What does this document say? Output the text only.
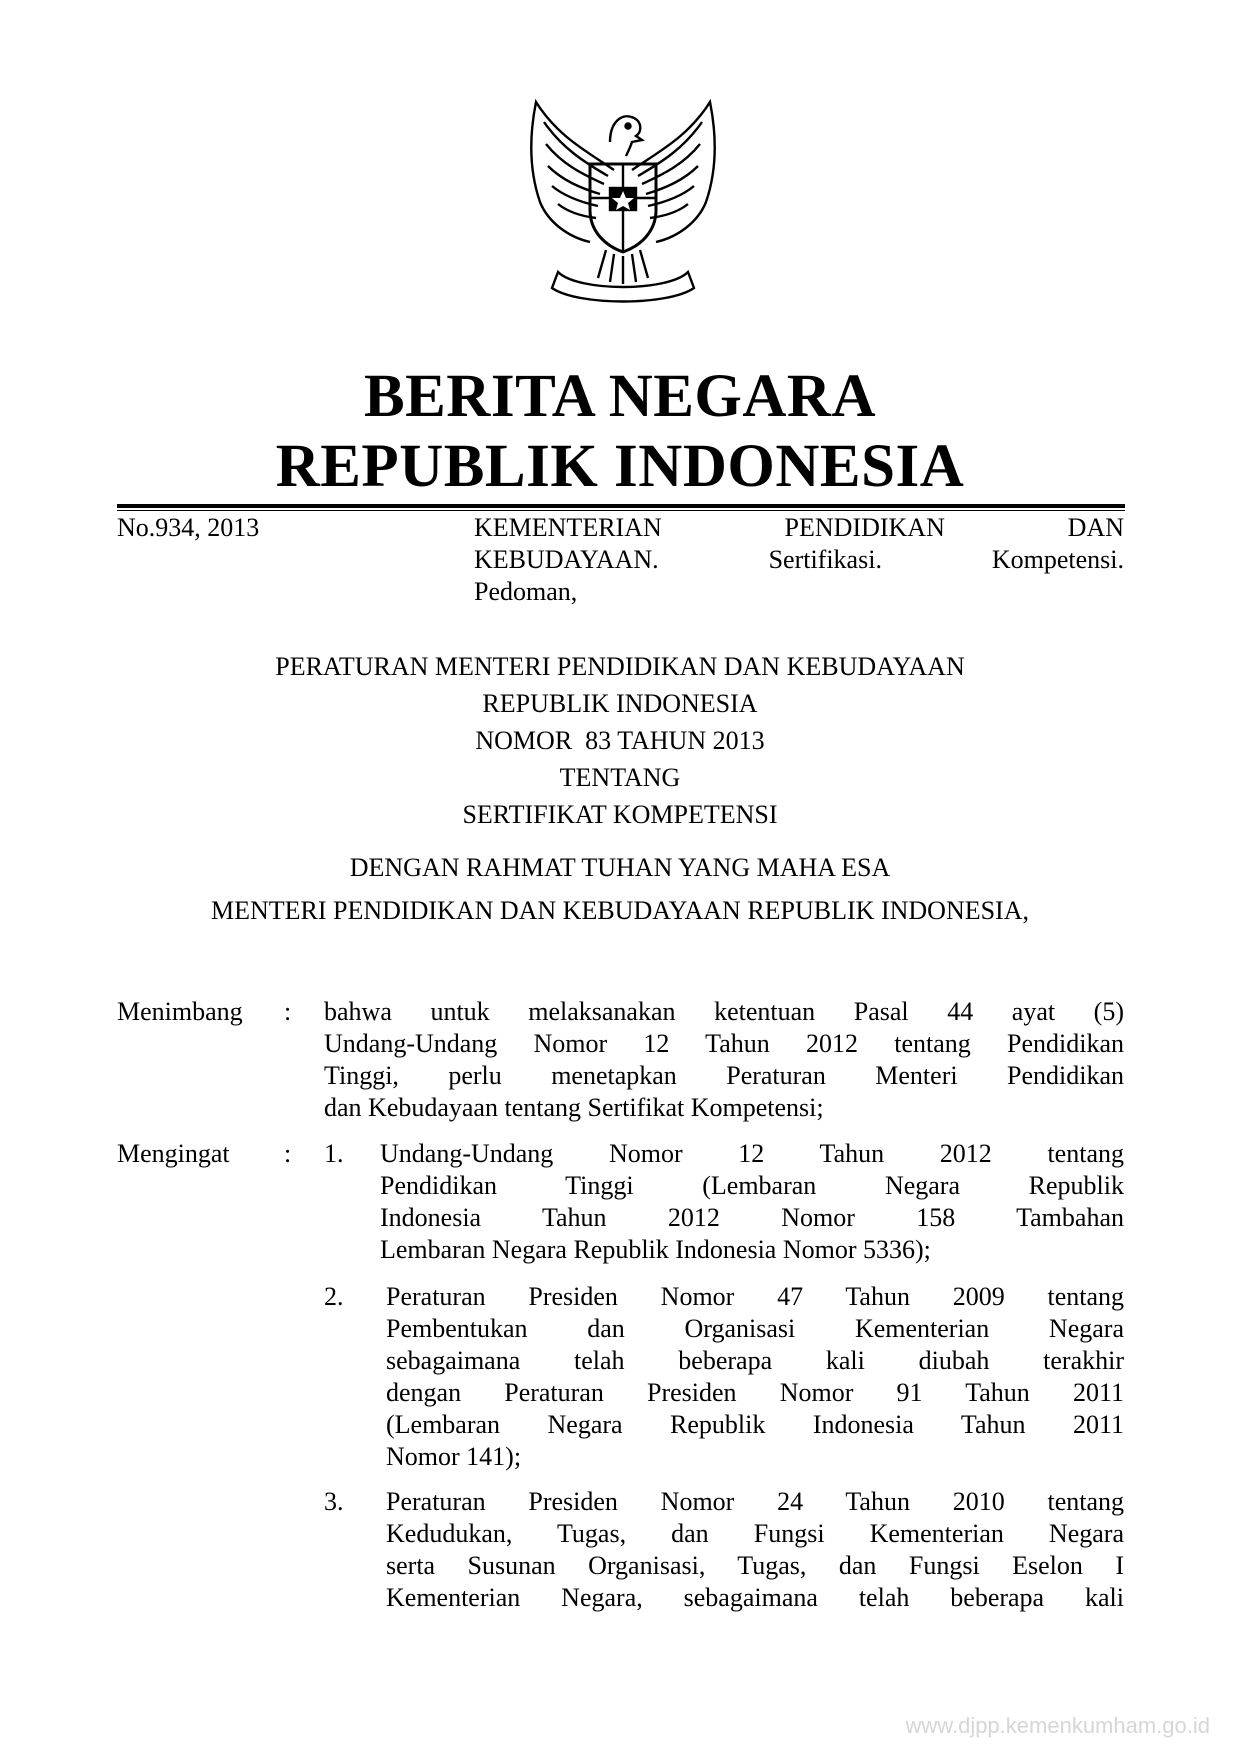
BERITA NEGARA
REPUBLIK INDONESIA
No.934, 2013	KEMENTERIAN PENDIDIKAN DAN
KEBUDAYAAN. Sertifikasi. Kompetensi.
Pedoman,
PERATURAN MENTERI PENDIDIKAN DAN KEBUDAYAAN
REPUBLIK INDONESIA
NOMOR  83 TAHUN 2013
TENTANG
SERTIFIKAT KOMPETENSI
DENGAN RAHMAT TUHAN YANG MAHA ESA
MENTERI PENDIDIKAN DAN KEBUDAYAAN REPUBLIK INDONESIA,
Menimbang : bahwa untuk melaksanakan ketentuan Pasal 44 ayat (5)
Undang-Undang Nomor 12 Tahun 2012 tentang Pendidikan
Tinggi, perlu menetapkan Peraturan Menteri Pendidikan
dan Kebudayaan tentang Sertifikat Kompetensi;
Mengingat : 1. Undang-Undang Nomor 12 Tahun 2012 tentang
Pendidikan Tinggi (Lembaran Negara Republik
Indonesia Tahun 2012 Nomor 158 Tambahan
Lembaran Negara Republik Indonesia Nomor 5336);
2. Peraturan Presiden Nomor 47 Tahun 2009 tentang
Pembentukan dan Organisasi Kementerian Negara
sebagaimana telah beberapa kali diubah terakhir
dengan Peraturan Presiden Nomor 91 Tahun 2011
(Lembaran Negara Republik Indonesia Tahun 2011
Nomor 141);
3. Peraturan Presiden Nomor 24 Tahun 2010 tentang
Kedudukan, Tugas, dan Fungsi Kementerian Negara
serta Susunan Organisasi, Tugas, dan Fungsi Eselon I
Kementerian Negara, sebagaimana telah beberapa kali
www.djpp.kemenkumham.go.id
